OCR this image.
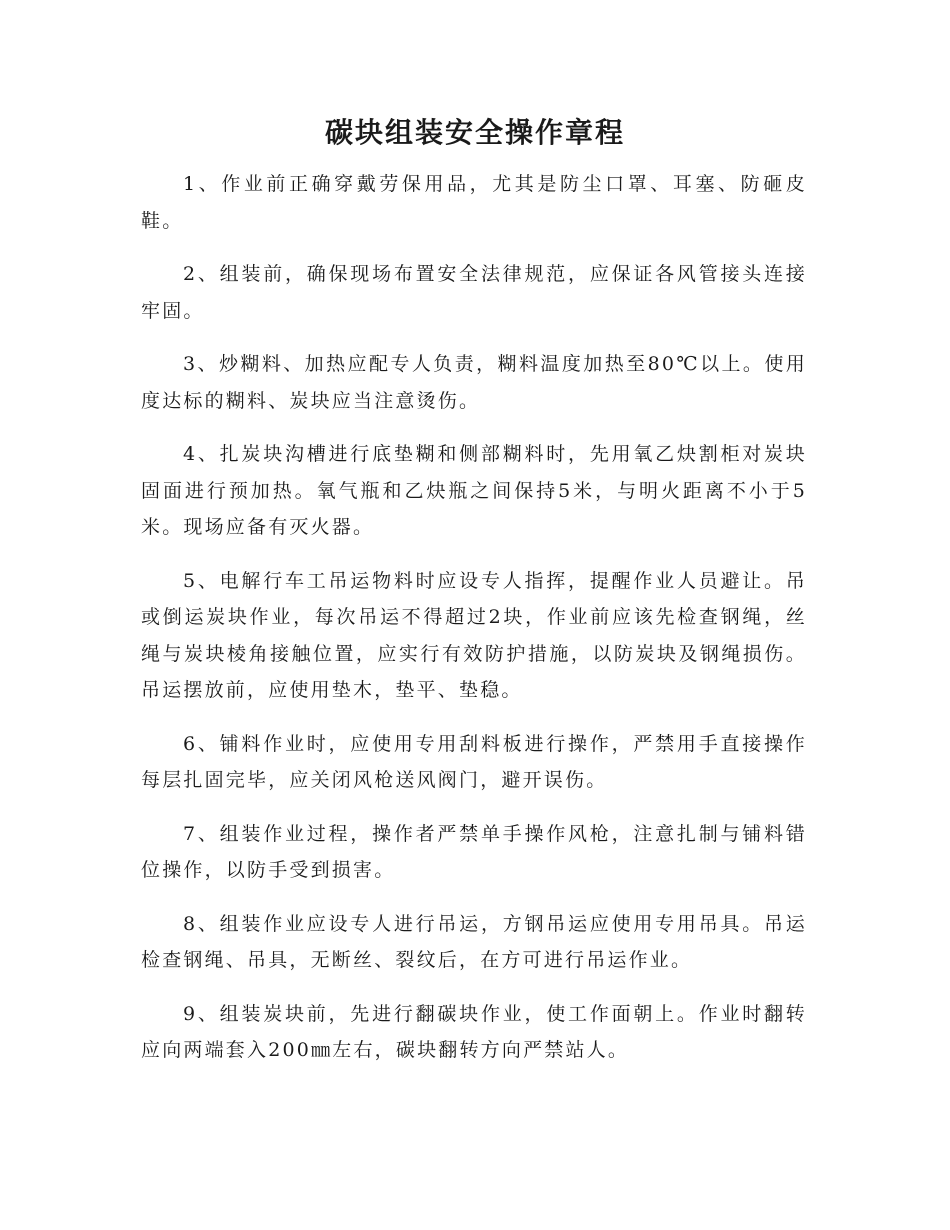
碳块组装安全操作章程

1、作业前正确穿戴劳保用品，尤其是防尘口罩、耳塞、防砸皮鞋。

2、组装前，确保现场布置安全法律规范，应保证各风管接头连接牢固。

3、炒糊料、加热应配专人负责，糊料温度加热至80℃以上。使用度达标的糊料、炭块应当注意烫伤。

4、扎炭块沟槽进行底垫糊和侧部糊料时，先用氧乙炔割柜对炭块固面进行预加热。氧气瓶和乙炔瓶之间保持5米，与明火距离不小于5米。现场应备有灭火器。

5、电解行车工吊运物料时应设专人指挥，提醒作业人员避让。吊或倒运炭块作业，每次吊运不得超过2块，作业前应该先检查钢绳，丝绳与炭块棱角接触位置，应实行有效防护措施，以防炭块及钢绳损伤。吊运摆放前，应使用垫木，垫平、垫稳。

6、铺料作业时，应使用专用刮料板进行操作，严禁用手直接操作每层扎固完毕，应关闭风枪送风阀门，避开误伤。

7、组装作业过程，操作者严禁单手操作风枪，注意扎制与铺料错位操作，以防手受到损害。

8、组装作业应设专人进行吊运，方钢吊运应使用专用吊具。吊运检查钢绳、吊具，无断丝、裂纹后，在方可进行吊运作业。

9、组装炭块前，先进行翻碳块作业，使工作面朝上。作业时翻转应向两端套入200㎜左右，碳块翻转方向严禁站人。
